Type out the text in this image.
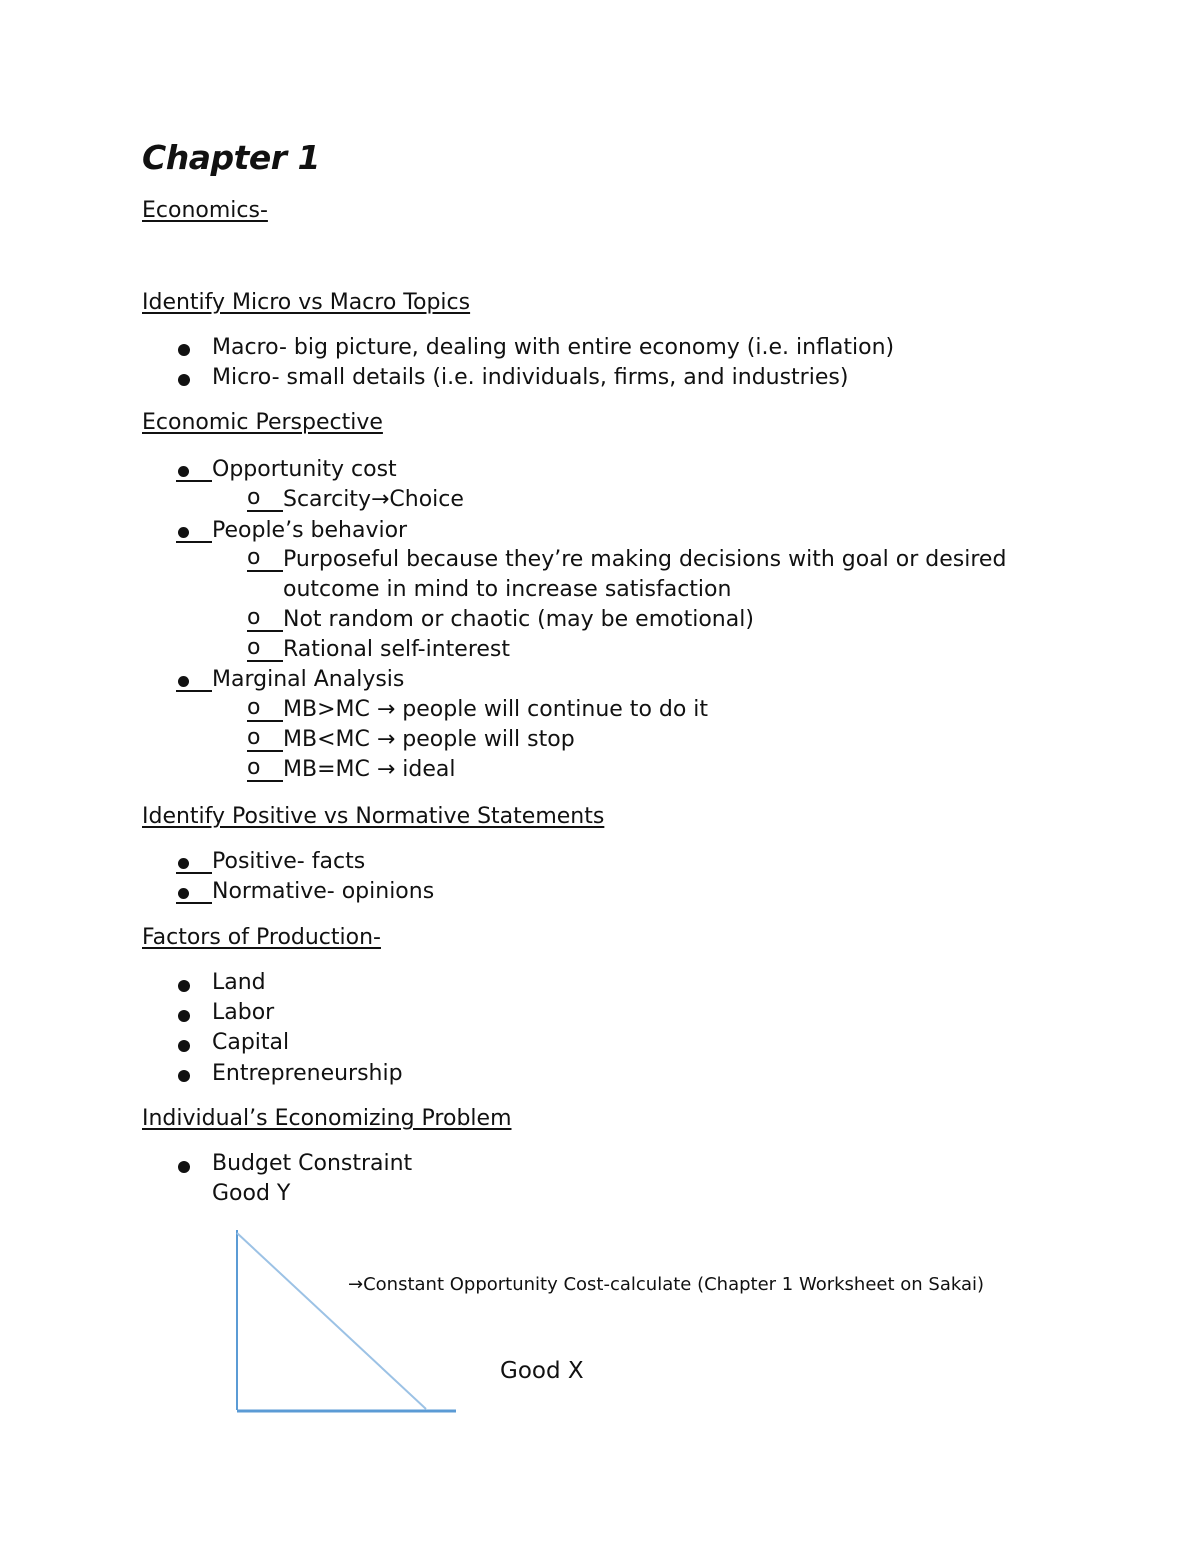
Chapter 1
Economics-
Identify Micro vs Macro Topics
Macro- big picture, dealing with entire economy (i.e. inflation)
Micro- small details (i.e. individuals, firms, and industries)
Economic Perspective
Opportunity cost
o	Scarcity→Choice
People’s behavior
o	Purposeful because they’re making decisions with goal or desired
outcome in mind to increase satisfaction
o	Not random or chaotic (may be emotional)
o	Rational self-interest
Marginal Analysis
o	MB>MC → people will continue to do it
o	MB<MC → people will stop
o	MB=MC → ideal
Identify Positive vs Normative Statements
Positive- facts
Normative- opinions
Factors of Production-
Land
Labor
Capital
Entrepreneurship
Individual’s Economizing Problem
Budget Constraint
Good Y
→Constant Opportunity Cost-calculate (Chapter 1 Worksheet on Sakai)
Good X
